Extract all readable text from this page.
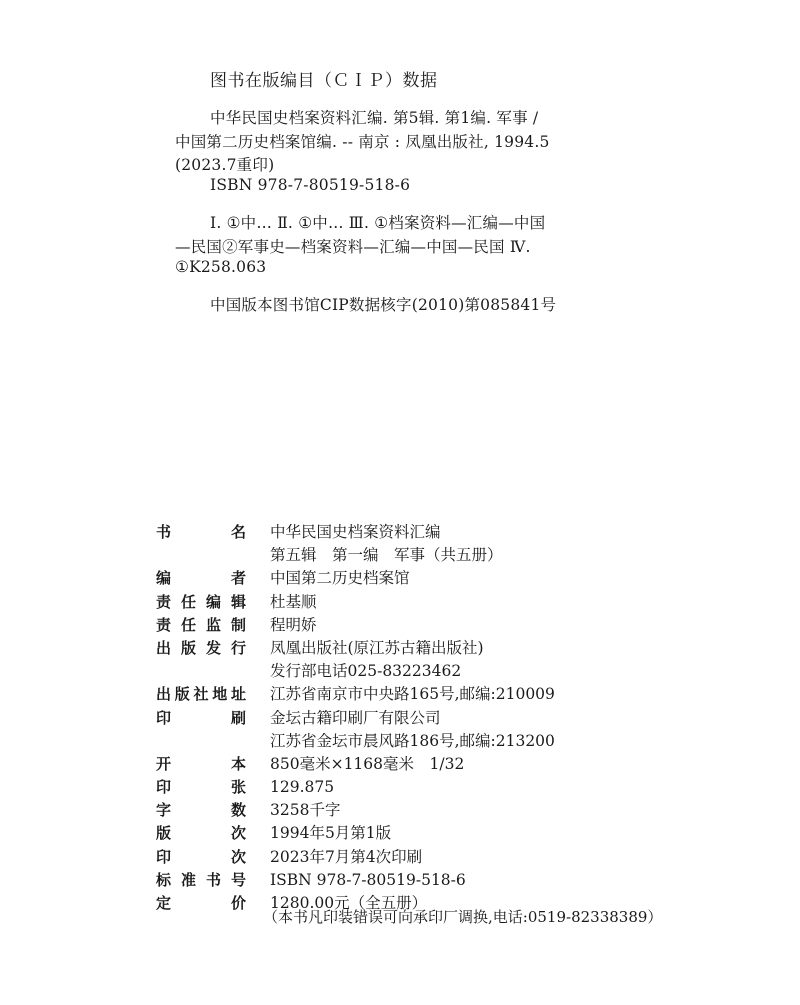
图书在版编目（ＣＩＰ）数据
中华民国史档案资料汇编. 第5辑. 第1编. 军事 /
中国第二历史档案馆编. -- 南京 : 凤凰出版社, 1994.5
(2023.7重印)
ISBN 978-7-80519-518-6
Ⅰ. ①中… Ⅱ. ①中… Ⅲ. ①档案资料—汇编—中国
—民国②军事史—档案资料—汇编—中国—民国 Ⅳ.
①K258.063
中国版本图书馆CIP数据核字(2010)第085841号
书	名 中华民国史档案资料汇编
第五辑　第一编　军事（共五册）
编	者 中国第二历史档案馆
责 任 编 辑 杜基顺
责 任 监 制 程明娇
出 版 发 行 凤凰出版社(原江苏古籍出版社)
发行部电话025-83223462
出 版 社 地 址 江苏省南京市中央路165号,邮编:210009
印	刷 金坛古籍印刷厂有限公司
江苏省金坛市晨风路186号,邮编:213200
开	本 850毫米×1168毫米　1/32
印	张 129.875
字	数 3258千字
版	次 1994年5月第1版
印	次 2023年7月第4次印刷
标 准 书 号 ISBN 978-7-80519-518-6
定	价 1280.00元（全五册）
（本书凡印装错误可向承印厂调换,电话:0519-82338389）
